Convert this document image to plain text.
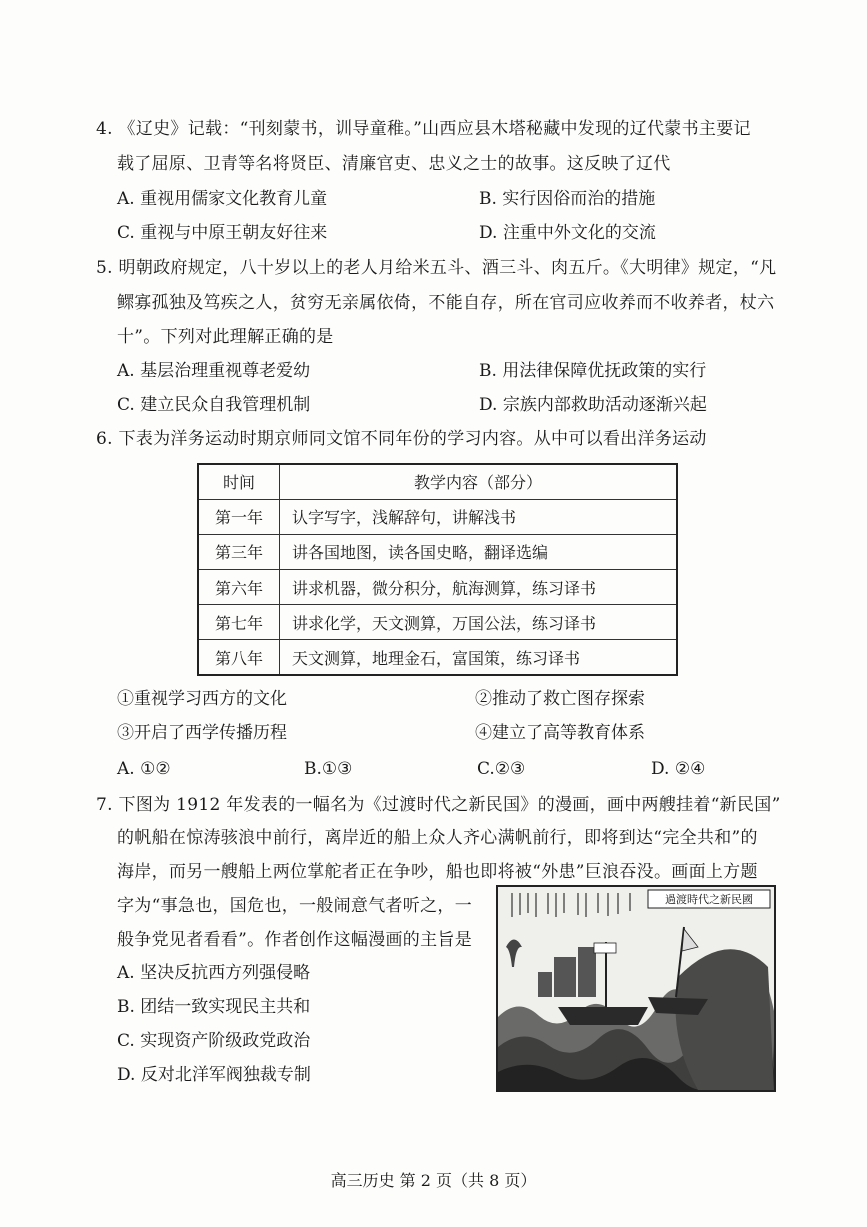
4. 《辽史》记载：“刊刻蒙书，训导童稚。”山西应县木塔秘藏中发现的辽代蒙书主要记
载了屈原、卫青等名将贤臣、清廉官吏、忠义之士的故事。这反映了辽代
A. 重视用儒家文化教育儿童	B. 实行因俗而治的措施
C. 重视与中原王朝友好往来	D. 注重中外文化的交流
5. 明朝政府规定，八十岁以上的老人月给米五斗、酒三斗、肉五斤。《大明律》规定，“凡
鳏寡孤独及笃疾之人，贫穷无亲属依倚，不能自存，所在官司应收养而不收养者，杖六
十”。下列对此理解正确的是
A. 基层治理重视尊老爱幼	B. 用法律保障优抚政策的实行
C. 建立民众自我管理机制	D. 宗族内部救助活动逐渐兴起
6. 下表为洋务运动时期京师同文馆不同年份的学习内容。从中可以看出洋务运动
时间	教学内容（部分）
第一年	认字写字，浅解辞句，讲解浅书
第三年	讲各国地图，读各国史略，翻译选编
第六年	讲求机器，微分积分，航海测算，练习译书
第七年	讲求化学，天文测算，万国公法，练习译书
第八年	天文测算，地理金石，富国策，练习译书
①重视学习西方的文化	②推动了救亡图存探索
③开启了西学传播历程	④建立了高等教育体系
A. ①②	B.①③	C.②③	D. ②④
7. 下图为 1912 年发表的一幅名为《过渡时代之新民国》的漫画，画中两艘挂着“新民国”
的帆船在惊涛骇浪中前行，离岸近的船上众人齐心满帆前行，即将到达“完全共和”的
海岸，而另一艘船上两位掌舵者正在争吵，船也即将被“外患”巨浪吞没。画面上方题
字为“事急也，国危也，一般闹意气者听之，一
般争党见者看看”。作者创作这幅漫画的主旨是
A. 坚决反抗西方列强侵略
B. 团结一致实现民主共和
C. 实现资产阶级政党政治
D. 反对北洋军阀独裁专制
過渡時代之新民國
高三历史 第 2 页（共 8 页）
